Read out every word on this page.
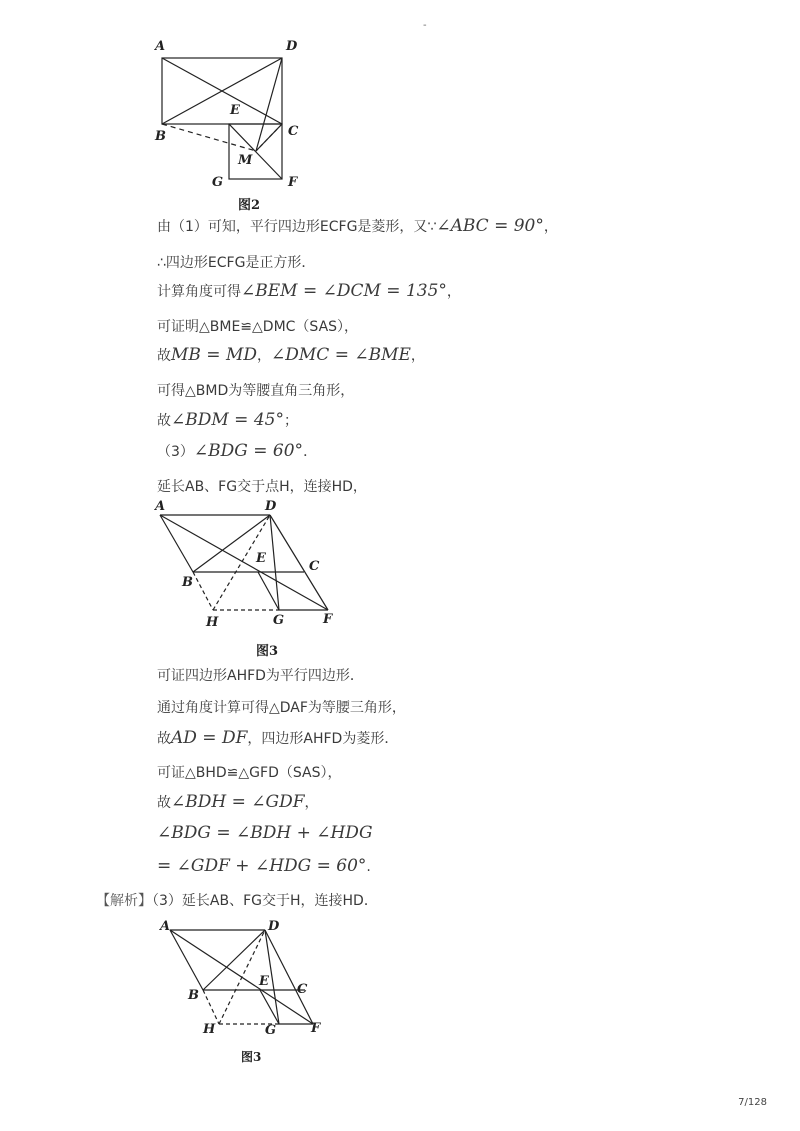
-
A	D
E
B	C
M
G	F
图2
由（1）可知，平行四边形ECFG是菱形，又∵∠ABC = 90°，
∴四边形ECFG是正方形．
计算角度可得∠BEM = ∠DCM = 135°，
可证明△BME≌△DMC（SAS），
故MB = MD，∠DMC = ∠BME，
可得△BMD为等腰直角三角形，
故∠BDM = 45°；
（3）∠BDG = 60°．
延长AB、FG交于点H，连接HD，
A	D
E
C
B
H	G	F
图3
可证四边形AHFD为平行四边形．
通过角度计算可得△DAF为等腰三角形，
故AD = DF，四边形AHFD为菱形．
可证△BHD≌△GFD（SAS），
故∠BDH = ∠GDF，
∠BDG = ∠BDH + ∠HDG
= ∠GDF + ∠HDG = 60°.
【解析】（3）延长AB、FG交于H，连接HD．
A	D
E
C
B
H	G	F
图3
7/128
